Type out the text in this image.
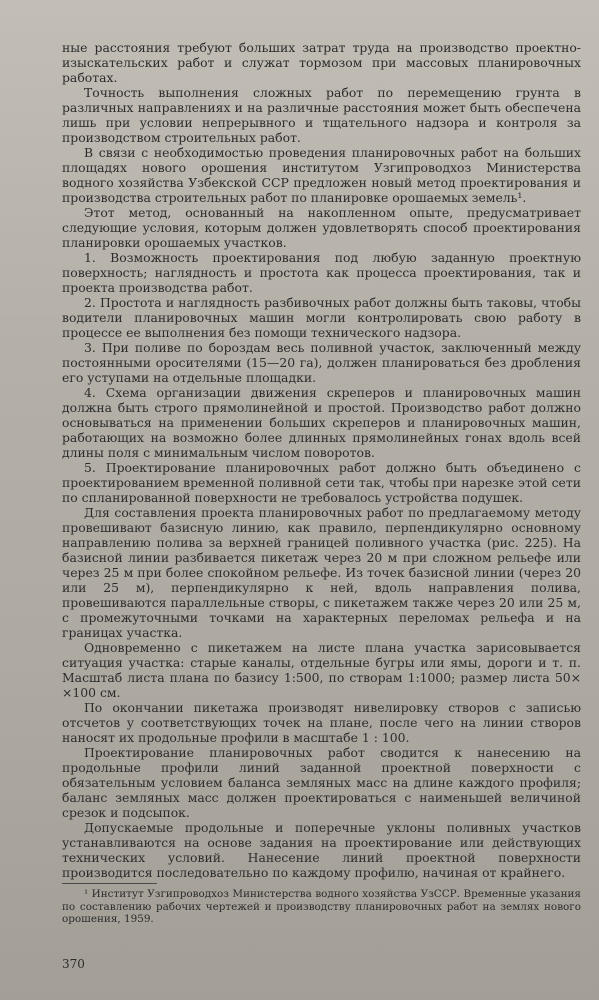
ные расстояния требуют больших затрат труда на производство проектно-изыскательских работ и служат тормозом при массовых планировочных работах.

Точность выполнения сложных работ по перемещению грунта в различных направлениях и на различные расстояния может быть обеспечена лишь при условии непрерывного и тщательного надзора и контроля за производством строительных работ.

В связи с необходимостью проведения планировочных работ на больших площадях нового орошения институтом Узгипроводхоз Министерства водного хозяйства Узбекской ССР предложен новый метод проектирования и производства строительных работ по планировке орошаемых земель¹.

Этот метод, основанный на накопленном опыте, предусматривает следующие условия, которым должен удовлетворять способ проектирования планировки орошаемых участков.

1. Возможность проектирования под любую заданную проектную поверхность; наглядность и простота как процесса проектирования, так и проекта производства работ.

2. Простота и наглядность разбивочных работ должны быть таковы, чтобы водители планировочных машин могли контролировать свою работу в процессе ее выполнения без помощи технического надзора.

3. При поливе по бороздам весь поливной участок, заключенный между постоянными оросителями (15—20 га), должен планироваться без дробления его уступами на отдельные площадки.

4. Схема организации движения скреперов и планировочных машин должна быть строго прямолинейной и простой. Производство работ должно основываться на применении больших скреперов и планировочных машин, работающих на возможно более длинных прямолинейных гонах вдоль всей длины поля с минимальным числом поворотов.

5. Проектирование планировочных работ должно быть объединено с проектированием временной поливной сети так, чтобы при нарезке этой сети по спланированной поверхности не требовалось устройства подушек.

Для составления проекта планировочных работ по предлагаемому методу провешивают базисную линию, как правило, перпендикулярно основному направлению полива за верхней границей поливного участка (рис. 225). На базисной линии разбивается пикетаж через 20 м при сложном рельефе или через 25 м при более спокойном рельефе. Из точек базисной линии (через 20 или 25 м), перпендикулярно к ней, вдоль направления полива, провешиваются параллельные створы, с пикетажем также через 20 или 25 м, с промежуточными точками на характерных переломах рельефа и на границах участка.

Одновременно с пикетажем на листе плана участка зарисовывается ситуация участка: старые каналы, отдельные бугры или ямы, дороги и т. п. Масштаб листа плана по базису 1:500, по створам 1:1000; размер листа 50× ×100 см.

По окончании пикетажа производят нивелировку створов с записью отсчетов у соответствующих точек на плане, после чего на линии створов наносят их продольные профили в масштабе 1 : 100.

Проектирование планировочных работ сводится к нанесению на продольные профили линий заданной проектной поверхности с обязательным условием баланса земляных масс на длине каждого профиля; баланс земляных масс должен проектироваться с наименьшей величиной срезок и подсыпок.

Допускаемые продольные и поперечные уклоны поливных участков устанавливаются на основе задания на проектирование или действующих технических условий. Нанесение линий проектной поверхности производится последовательно по каждому профилю, начиная от крайнего.

¹ Институт Узгипроводхоз Министерства водного хозяйства УзССР. Временные указания по составлению рабочих чертежей и производству планировочных работ на землях нового орошения, 1959.

370
